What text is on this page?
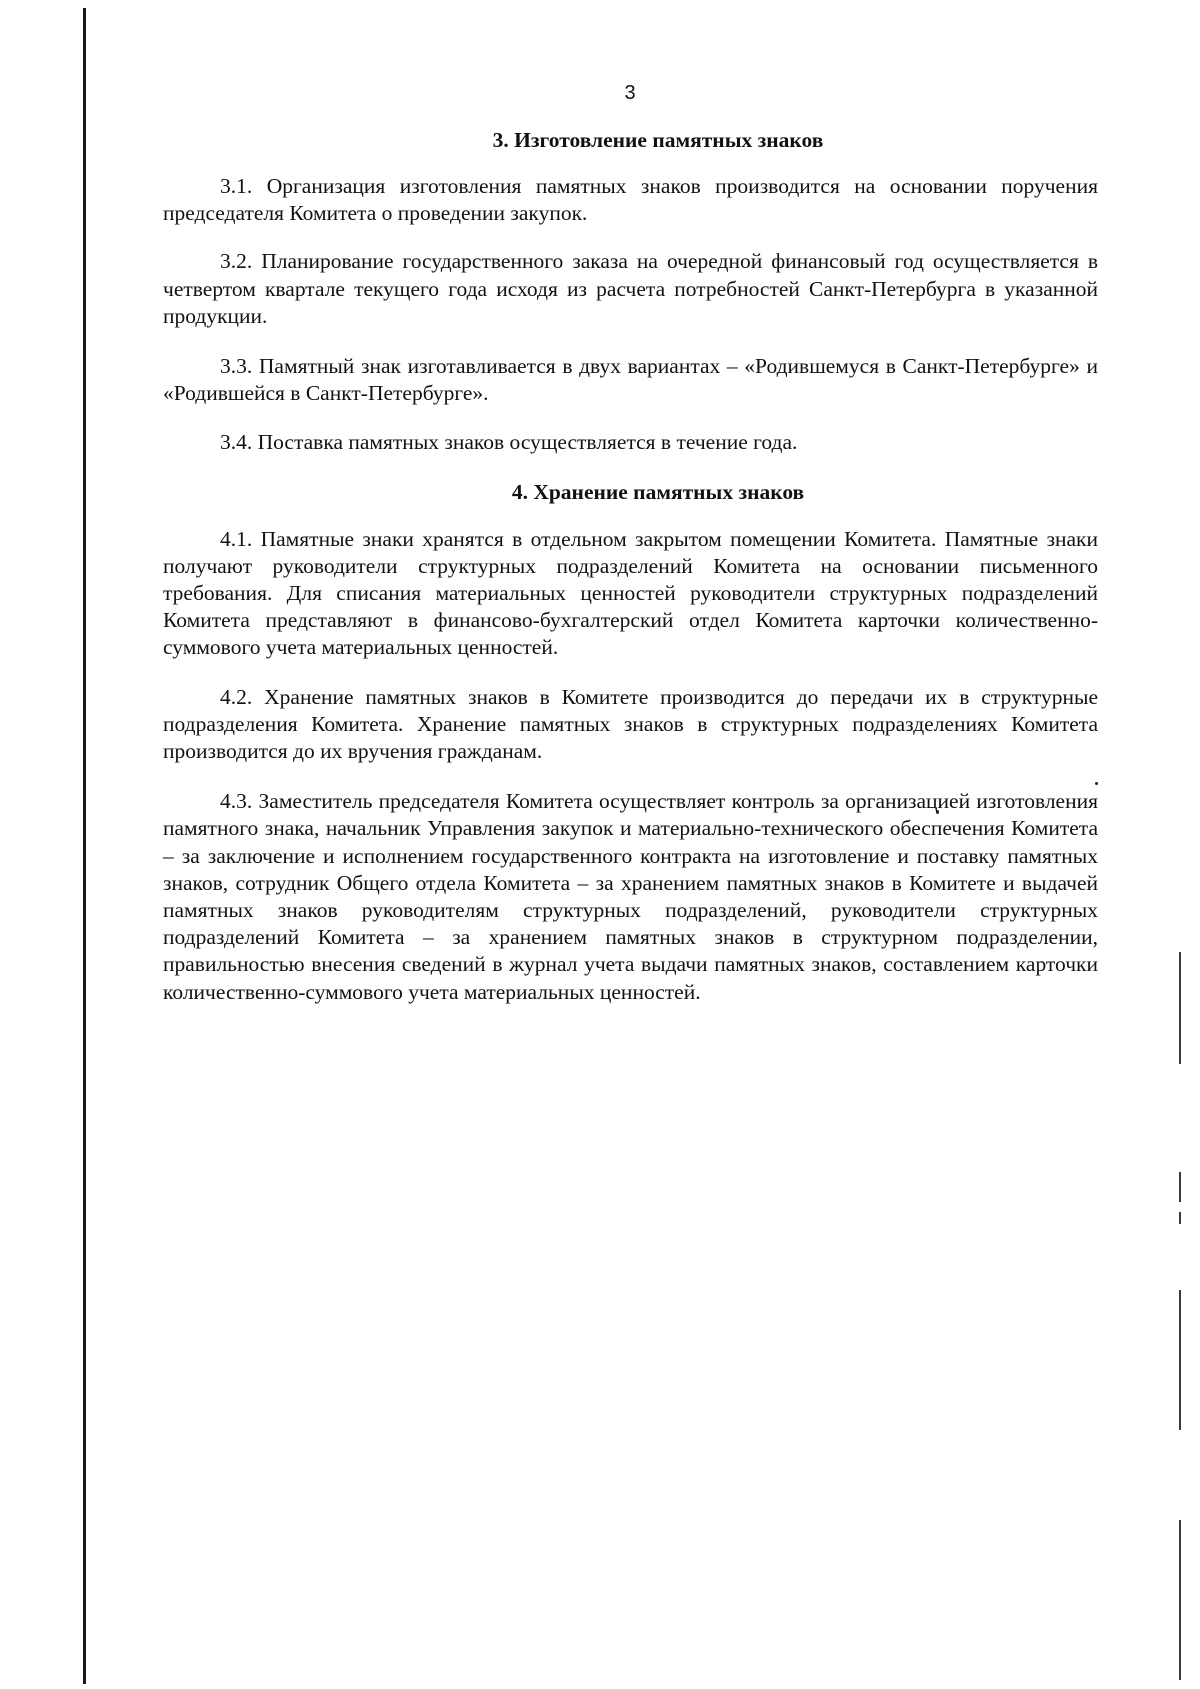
3
3. Изготовление памятных знаков

3.1. Организация изготовления памятных знаков производится на основании поручения председателя Комитета о проведении закупок.

3.2. Планирование государственного заказа на очередной финансовый год осуществляется в четвертом квартале текущего года исходя из расчета потребностей Санкт-Петербурга в указанной продукции.

3.3. Памятный знак изготавливается в двух вариантах – «Родившемуся в Санкт-Петербурге» и «Родившейся в Санкт-Петербурге».

3.4. Поставка памятных знаков осуществляется в течение года.

4. Хранение памятных знаков

4.1. Памятные знаки хранятся в отдельном закрытом помещении Комитета. Памятные знаки получают руководители структурных подразделений Комитета на основании письменного требования. Для списания материальных ценностей руководители структурных подразделений Комитета представляют в финансово-бухгалтерский отдел Комитета карточки количественно-суммового учета материальных ценностей.

4.2. Хранение памятных знаков в Комитете производится до передачи их в структурные подразделения Комитета. Хранение памятных знаков в структурных подразделениях Комитета производится до их вручения гражданам.

4.3. Заместитель председателя Комитета осуществляет контроль за организацией изготовления памятного знака, начальник Управления закупок и материально-технического обеспечения Комитета – за заключение и исполнением государственного контракта на изготовление и поставку памятных знаков, сотрудник Общего отдела Комитета – за хранением памятных знаков в Комитете и выдачей памятных знаков руководителям структурных подразделений, руководители структурных подразделений Комитета – за хранением памятных знаков в структурном подразделении, правильностью внесения сведений в журнал учета выдачи памятных знаков, составлением карточки количественно-суммового учета материальных ценностей.
